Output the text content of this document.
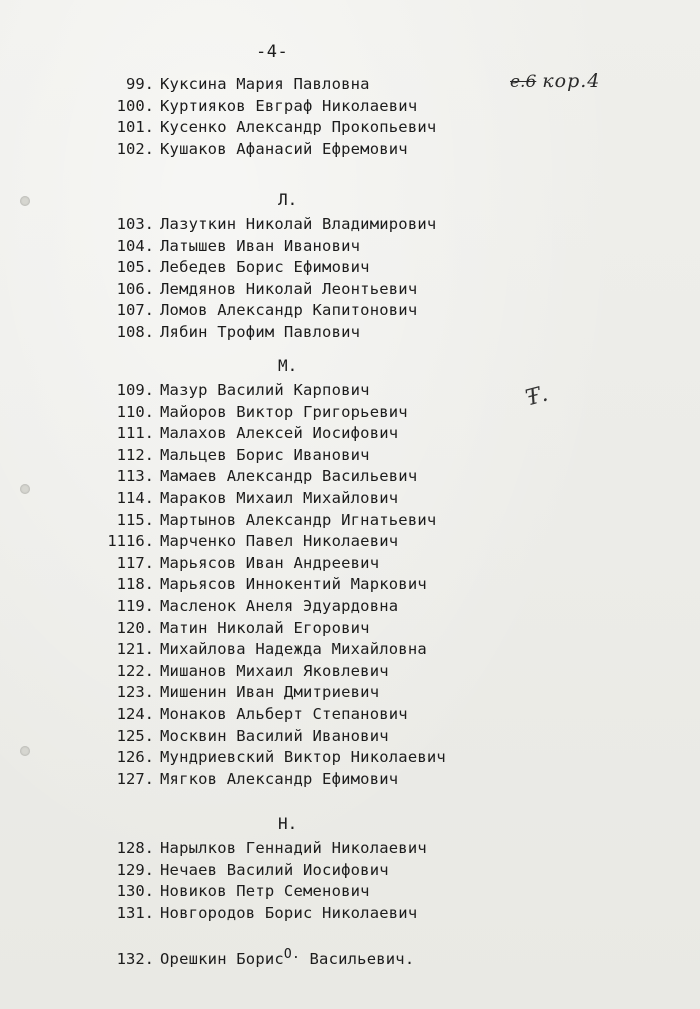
-4-
е.6 кор.4
Ŧ.
99. Куксина Мария Павловна
100. Куртияков Евграф Николаевич
101. Кусенко Александр Прокопьевич
102. Кушаков Афанасий Ефремович
Л.
103. Лазуткин Николай Владимирович
104. Латышев Иван Иванович
105. Лебедев Борис Ефимович
106. Лемдянов Николай Леонтьевич
107. Ломов Александр Капитонович
108. Лябин Трофим Павлович
М.
109. Мазур Василий Карпович
110. Майоров Виктор Григорьевич
111. Малахов Алексей Иосифович
112. Мальцев Борис Иванович
113. Мамаев Александр Васильевич
114. Мараков Михаил Михайлович
115. Мартынов Александр Игнатьевич
1116. Марченко Павел Николаевич
117. Марьясов Иван Андреевич
118. Марьясов Иннокентий Маркович
119. Масленок Анеля Эдуардовна
120. Матин Николай Егорович
121. Михайлова Надежда Михайловна
122. Мишанов Михаил Яковлевич
123. Мишенин Иван Дмитриевич
124. Монаков Альберт Степанович
125. Москвин Василий Иванович
126. Мундриевский Виктор Николаевич
127. Мягков Александр Ефимович
Н.
128. Нарылков Геннадий Николаевич
129. Нечаев Василий Иосифович
130. Новиков Петр Семенович
131. Новгородов Борис Николаевич
132. Орешкин Борис$^{О.}$ Васильевич.
